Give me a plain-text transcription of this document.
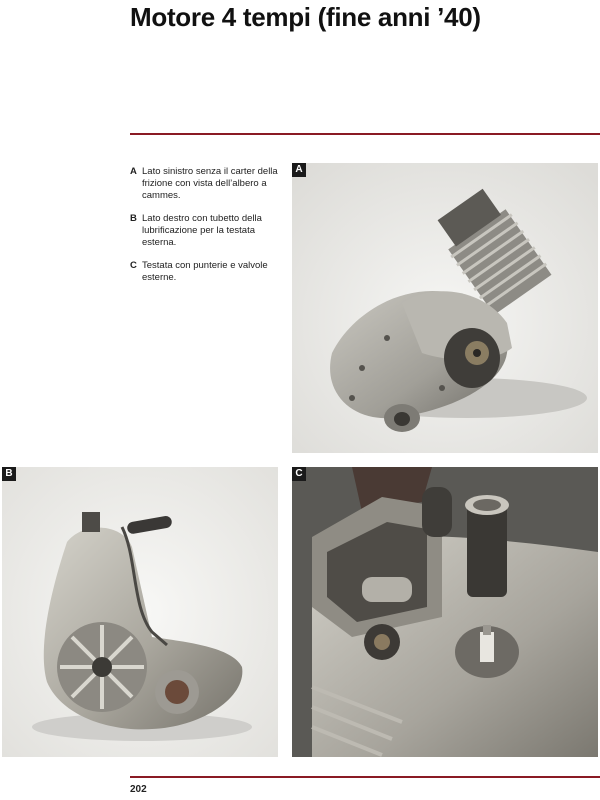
Motore 4 tempi (fine anni ’40)
A Lato sinistro senza il carter della frizione con vista dell’albero a cammes.
B Lato destro con tubetto della lubrificazione per la testata esterna.
C Testata con punterie e valvole esterne.
A
B	C
202
